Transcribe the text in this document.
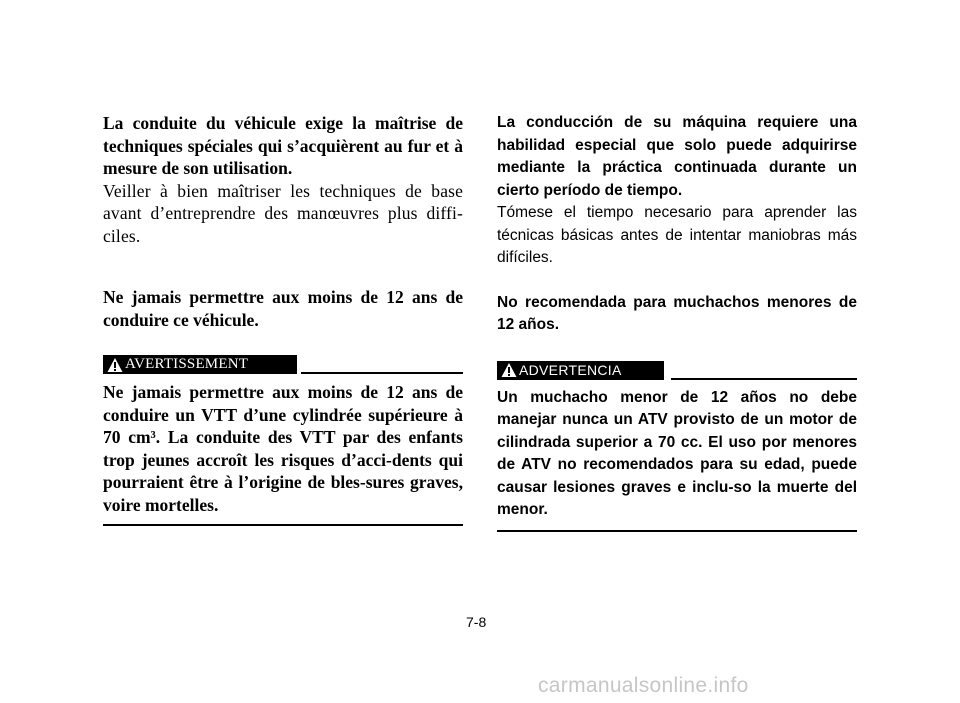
La conduite du véhicule exige la maîtrise de techniques spéciales qui s’acquièrent au fur et à mesure de son utilisation.

Veiller à bien maîtriser les techniques de base avant d’entreprendre des manœuvres plus diffi-ciles.

Ne jamais permettre aux moins de 12 ans de conduire ce véhicule.

AVERTISSEMENT

Ne jamais permettre aux moins de 12 ans de conduire un VTT d’une cylindrée supérieure à 70 cm³. La conduite des VTT par des enfants trop jeunes accroît les risques d’acci-dents qui pourraient être à l’origine de bles-sures graves, voire mortelles.

La conducción de su máquina requiere una habilidad especial que solo puede adquirirse mediante la práctica continuada durante un cierto período de tiempo.

Tómese el tiempo necesario para aprender las técnicas básicas antes de intentar maniobras más difíciles.

No recomendada para muchachos menores de 12 años.

ADVERTENCIA

Un muchacho menor de 12 años no debe manejar nunca un ATV provisto de un motor de cilindrada superior a 70 cc. El uso por menores de ATV no recomendados para su edad, puede causar lesiones graves e inclu-so la muerte del menor.

7-8
carmanualsonline.info
